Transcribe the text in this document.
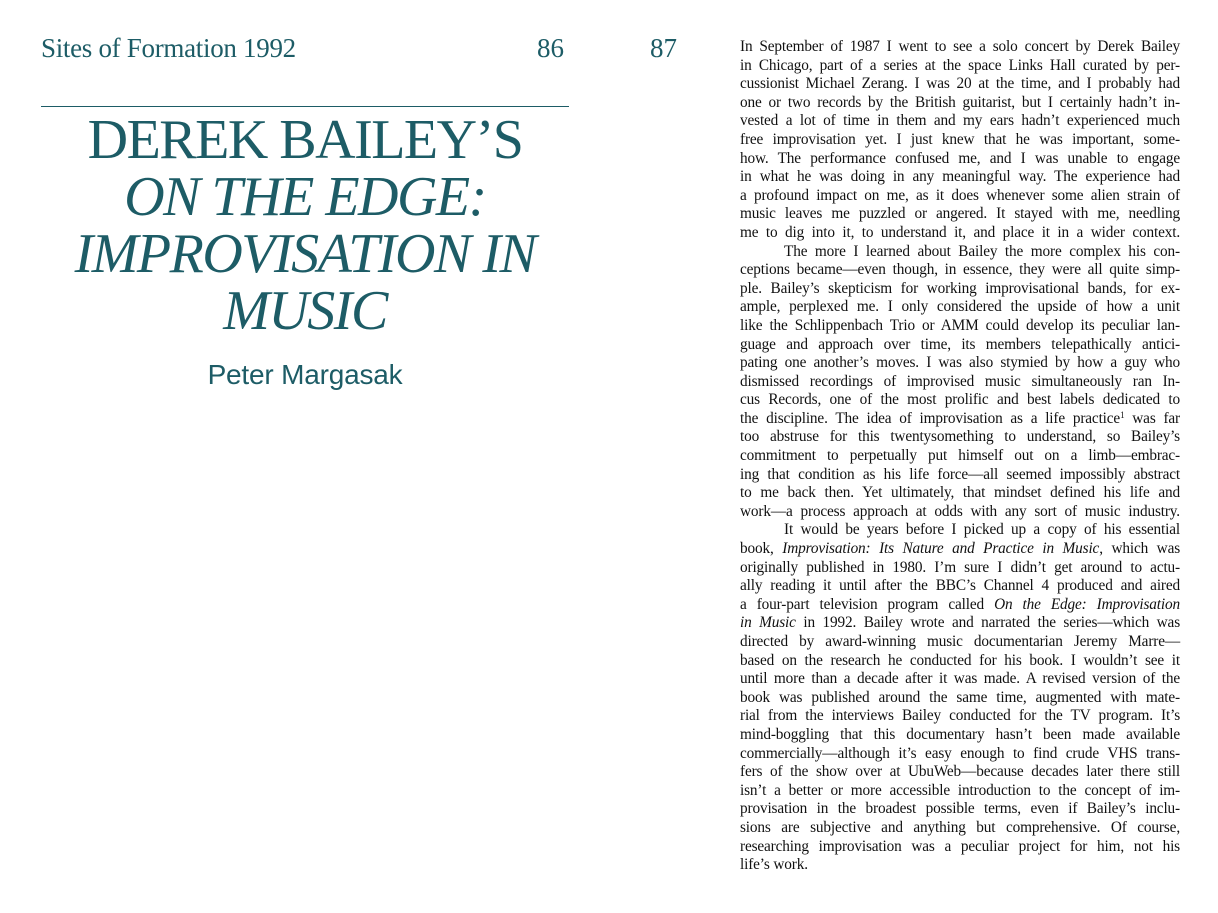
Sites of Formation 1992	86
DEREK BAILEY’S
ON THE EDGE:
IMPROVISATION IN
MUSIC
Peter Margasak
87	In September of 1987 I went to see a solo concert by Derek Bailey
in Chicago, part of a series at the space Links Hall curated by per-
cussionist Michael Zerang. I was 20 at the time, and I probably had
one or two records by the British guitarist, but I certainly hadn’t in-
vested a lot of time in them and my ears hadn’t experienced much
free improvisation yet. I just knew that he was important, some-
how. The performance confused me, and I was unable to engage
in what he was doing in any meaningful way. The experience had
a profound impact on me, as it does whenever some alien strain of
music leaves me puzzled or angered. It stayed with me, needling
me to dig into it, to understand it, and place it in a wider context.
The more I learned about Bailey the more complex his con-
ceptions became—even though, in essence, they were all quite simp-
ple. Bailey’s skepticism for working improvisational bands, for ex-
ample, perplexed me. I only considered the upside of how a unit
like the Schlippenbach Trio or AMM could develop its peculiar lan-
guage and approach over time, its members telepathically antici-
pating one another’s moves. I was also stymied by how a guy who
dismissed recordings of improvised music simultaneously ran In-
cus Records, one of the most prolific and best labels dedicated to
the discipline. The idea of improvisation as a life practice$^1$ was far
too abstruse for this twentysomething to understand, so Bailey’s
commitment to perpetually put himself out on a limb—embrac-
ing that condition as his life force—all seemed impossibly abstract
to me back then. Yet ultimately, that mindset defined his life and
work—a process approach at odds with any sort of music industry.
It would be years before I picked up a copy of his essential
book, Improvisation: Its Nature and Practice in Music, which was
originally published in 1980. I’m sure I didn’t get around to actu-
ally reading it until after the BBC’s Channel 4 produced and aired
a four-part television program called On the Edge: Improvisation
in Music in 1992. Bailey wrote and narrated the series—which was
directed by award-winning music documentarian Jeremy Marre—
based on the research he conducted for his book. I wouldn’t see it
until more than a decade after it was made. A revised version of the
book was published around the same time, augmented with mate-
rial from the interviews Bailey conducted for the TV program. It’s
mind-boggling that this documentary hasn’t been made available
commercially—although it’s easy enough to find crude VHS trans-
fers of the show over at UbuWeb—because decades later there still
isn’t a better or more accessible introduction to the concept of im-
provisation in the broadest possible terms, even if Bailey’s inclu-
sions are subjective and anything but comprehensive. Of course,
researching improvisation was a peculiar project for him, not his
life’s work.
